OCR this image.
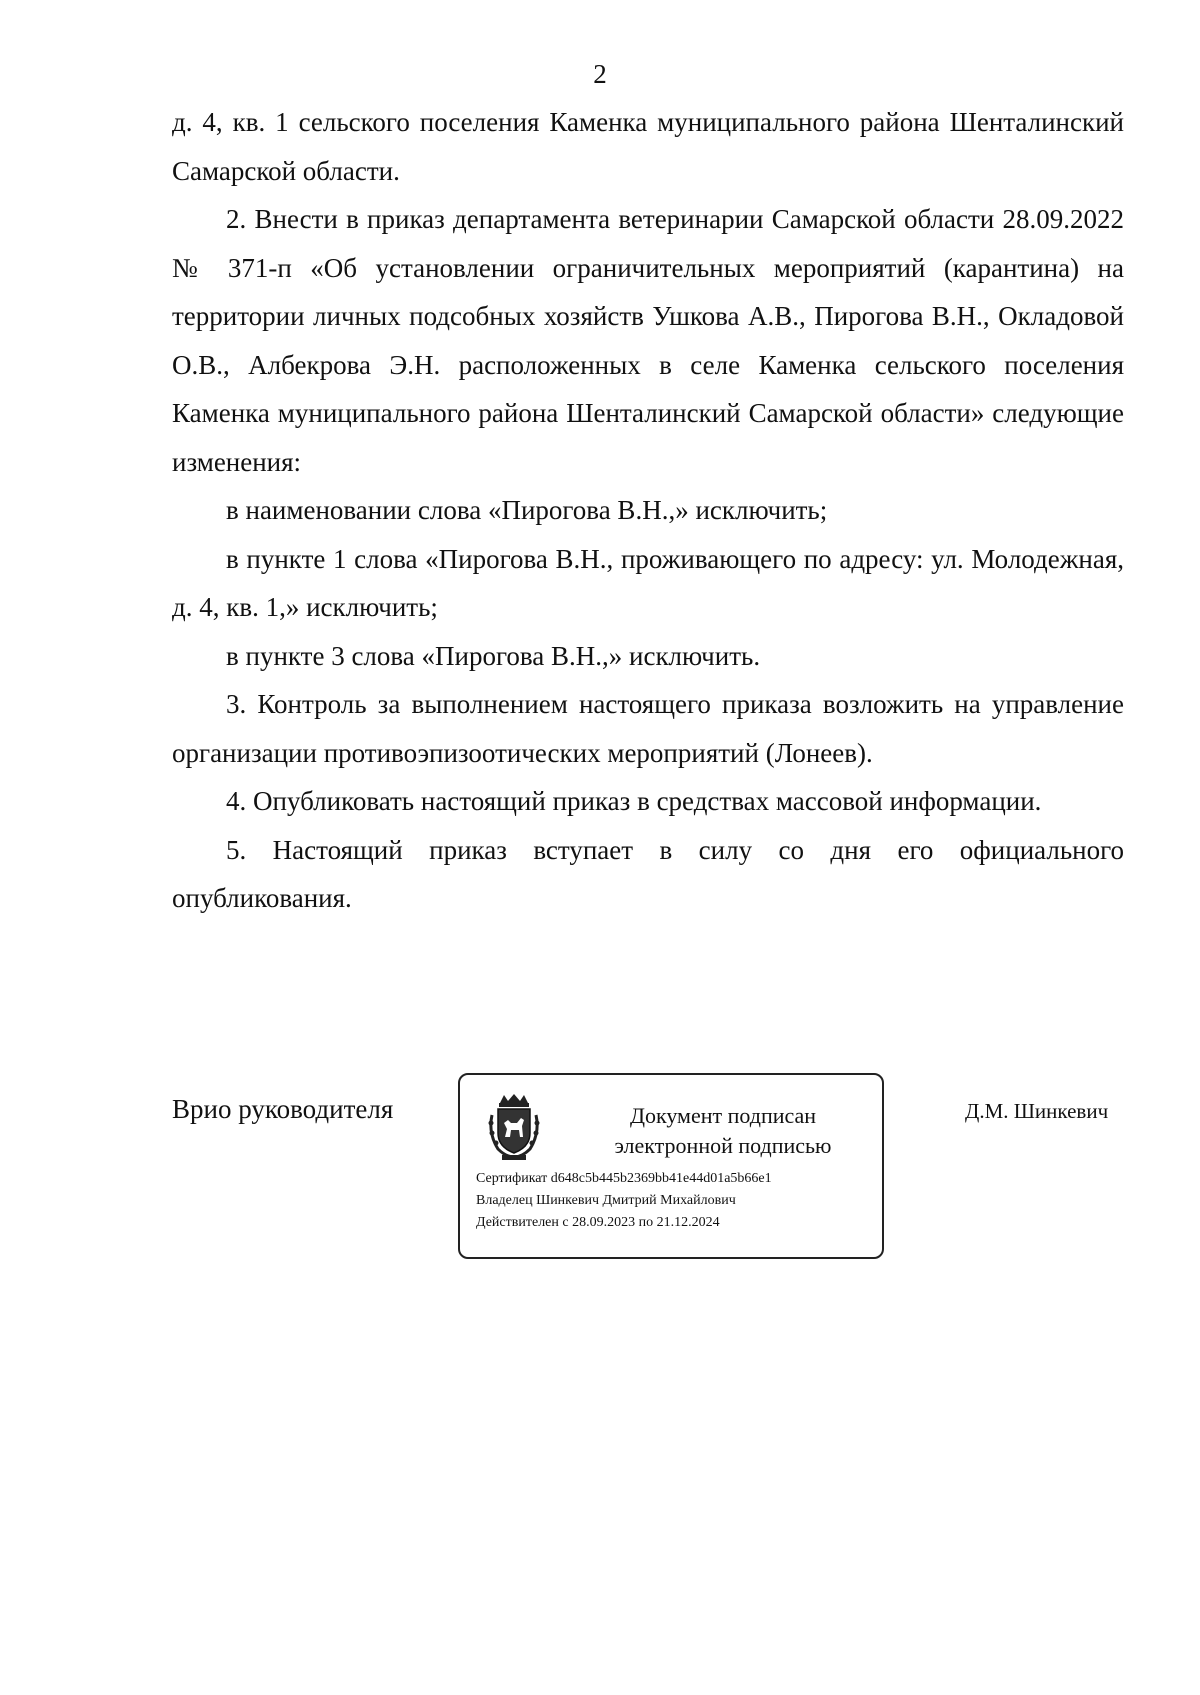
2

д. 4, кв. 1 сельского поселения Каменка муниципального района Шенталинский Самарской области.

2. Внести в приказ департамента ветеринарии Самарской области 28.09.2022 № 371-п «Об установлении ограничительных мероприятий (карантина) на территории личных подсобных хозяйств Ушкова А.В., Пирогова В.Н., Окладовой О.В., Албекрова Э.Н. расположенных в селе Каменка сельского поселения Каменка муниципального района Шенталинский Самарской области» следующие изменения:

в наименовании слова «Пирогова В.Н.,» исключить;

в пункте 1 слова «Пирогова В.Н., проживающего по адресу: ул. Молодежная, д. 4, кв. 1,» исключить;

в пункте 3 слова «Пирогова В.Н.,» исключить.

3. Контроль за выполнением настоящего приказа возложить на управление организации противоэпизоотических мероприятий (Лонеев).

4. Опубликовать настоящий приказ в средствах массовой информации.

5. Настоящий приказ вступает в силу со дня его официального опубликования.

Врио руководителя	Документ подписан
электронной подписью
Сертификат d648c5b445b2369bb41e44d01a5b66e1
Владелец Шинкевич Дмитрий Михайлович
Действителен с 28.09.2023 по 21.12.2024
Д.М. Шинкевич
